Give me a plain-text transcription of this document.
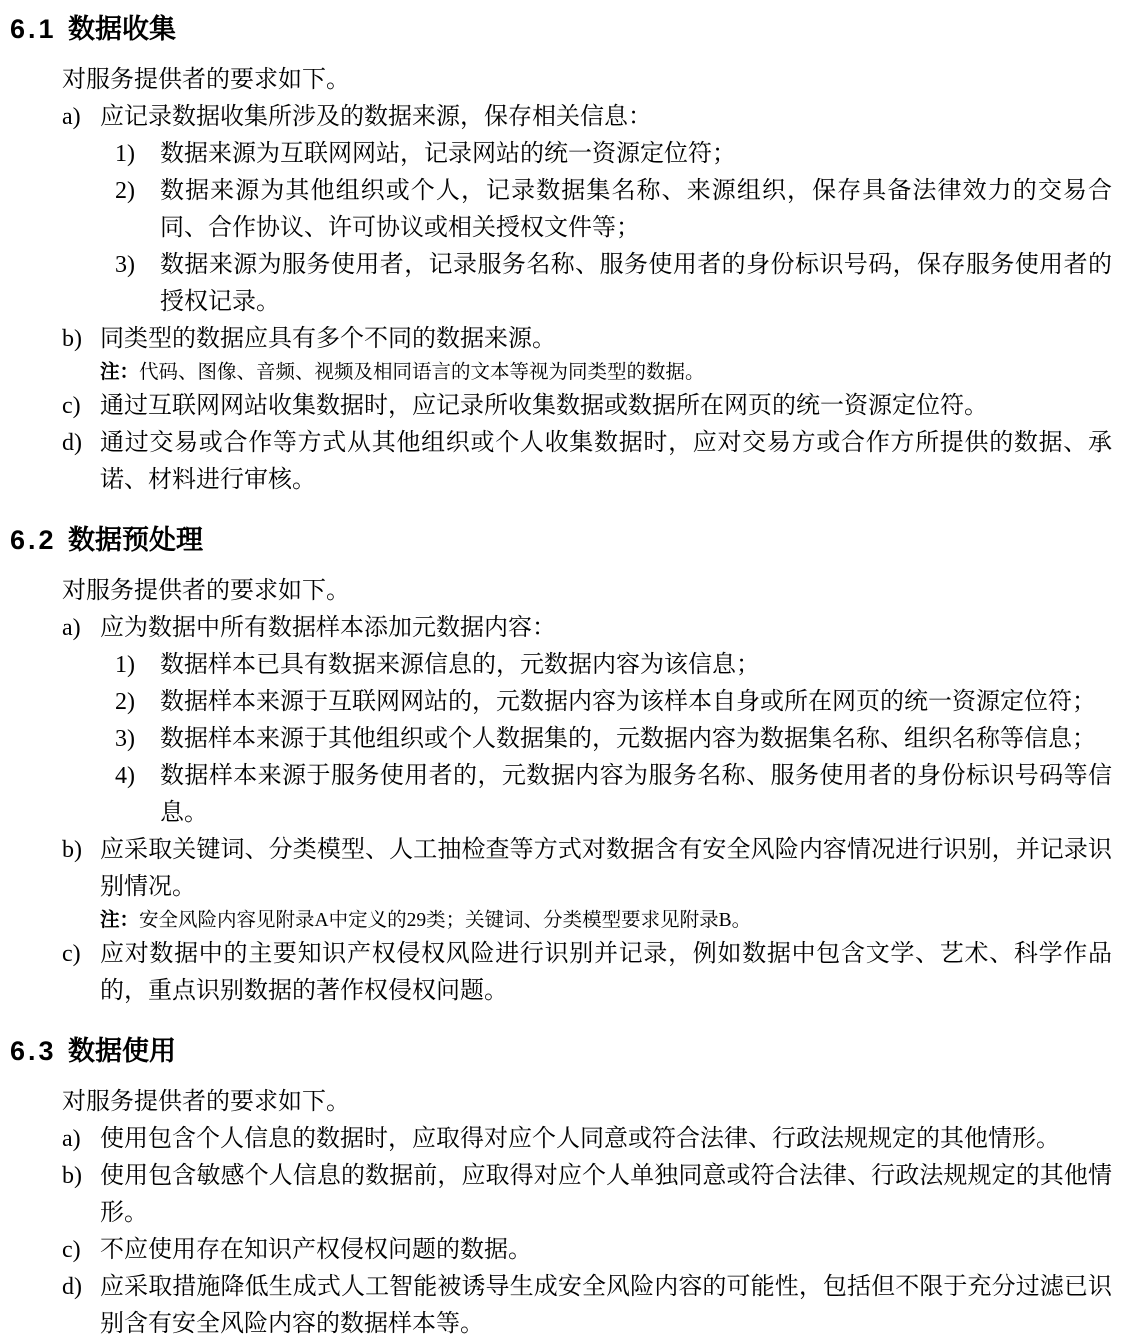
6.1 数据收集

对服务提供者的要求如下。

a) 应记录数据收集所涉及的数据来源，保存相关信息：
1) 数据来源为互联网网站，记录网站的统一资源定位符；
2) 数据来源为其他组织或个人，记录数据集名称、来源组织，保存具备法律效力的交易合同、合作协议、许可协议或相关授权文件等；
3) 数据来源为服务使用者，记录服务名称、服务使用者的身份标识号码，保存服务使用者的授权记录。
b) 同类型的数据应具有多个不同的数据来源。
注：代码、图像、音频、视频及相同语言的文本等视为同类型的数据。
c) 通过互联网网站收集数据时，应记录所收集数据或数据所在网页的统一资源定位符。
d) 通过交易或合作等方式从其他组织或个人收集数据时，应对交易方或合作方所提供的数据、承诺、材料进行审核。
6.2 数据预处理

对服务提供者的要求如下。

a) 应为数据中所有数据样本添加元数据内容：
1) 数据样本已具有数据来源信息的，元数据内容为该信息；
2) 数据样本来源于互联网网站的，元数据内容为该样本自身或所在网页的统一资源定位符；
3) 数据样本来源于其他组织或个人数据集的，元数据内容为数据集名称、组织名称等信息；
4) 数据样本来源于服务使用者的，元数据内容为服务名称、服务使用者的身份标识号码等信息。
b) 应采取关键词、分类模型、人工抽检查等方式对数据含有安全风险内容情况进行识别，并记录识别情况。
注：安全风险内容见附录A中定义的29类；关键词、分类模型要求见附录B。
c) 应对数据中的主要知识产权侵权风险进行识别并记录，例如数据中包含文学、艺术、科学作品的，重点识别数据的著作权侵权问题。
6.3 数据使用

对服务提供者的要求如下。

a) 使用包含个人信息的数据时，应取得对应个人同意或符合法律、行政法规规定的其他情形。
b) 使用包含敏感个人信息的数据前，应取得对应个人单独同意或符合法律、行政法规规定的其他情形。
c) 不应使用存在知识产权侵权问题的数据。
d) 应采取措施降低生成式人工智能被诱导生成安全风险内容的可能性，包括但不限于充分过滤已识别含有安全风险内容的数据样本等。
